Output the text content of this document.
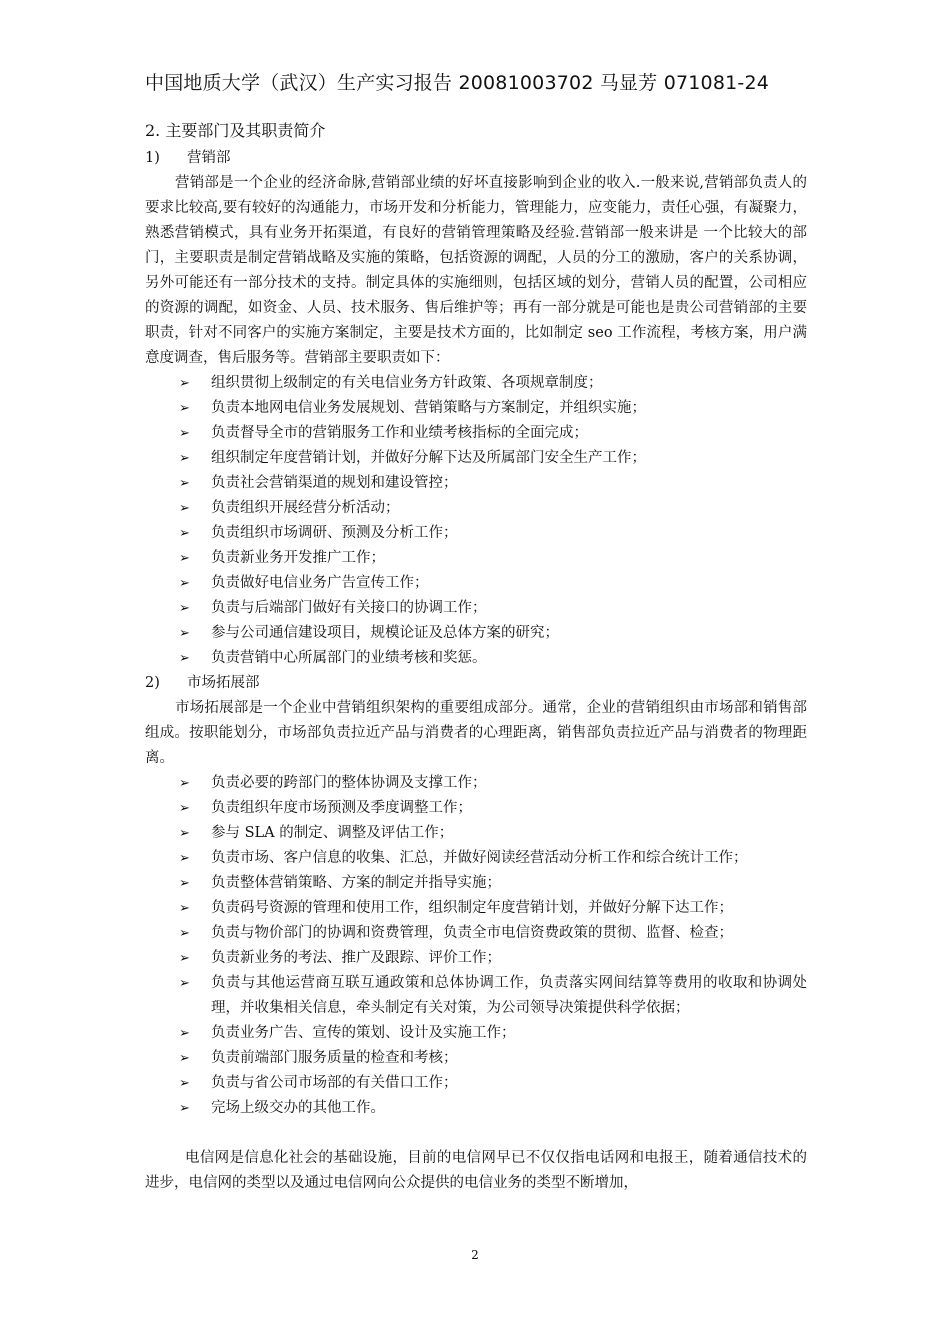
中国地质大学（武汉）生产实习报告 20081003702 马显芳 071081-24
2. 主要部门及其职责简介
1) 营销部

营销部是一个企业的经济命脉,营销部业绩的好坏直接影响到企业的收入.一般来说,营销部负责人的要求比较高,要有较好的沟通能力，市场开发和分析能力，管理能力，应变能力，责任心强，有凝聚力，熟悉营销模式，具有业务开拓渠道，有良好的营销管理策略及经验.营销部一般来讲是 一个比较大的部门，主要职责是制定营销战略及实施的策略，包括资源的调配，人员的分工的激励，客户的关系协调，另外可能还有一部分技术的支持。制定具体的实施细则，包括区域的划分，营销人员的配置，公司相应的资源的调配，如资金、人员、技术服务、售后维护等；再有一部分就是可能也是贵公司营销部的主要职责，针对不同客户的实施方案制定，主要是技术方面的，比如制定 seo 工作流程，考核方案，用户满意度调查，售后服务等。营销部主要职责如下：

➢ 组织贯彻上级制定的有关电信业务方针政策、各项规章制度；
➢ 负责本地网电信业务发展规划、营销策略与方案制定，并组织实施；
➢ 负责督导全市的营销服务工作和业绩考核指标的全面完成；
➢ 组织制定年度营销计划，并做好分解下达及所属部门安全生产工作；
➢ 负责社会营销渠道的规划和建设管控；
➢ 负责组织开展经营分析活动；
➢ 负责组织市场调研、预测及分析工作；
➢ 负责新业务开发推广工作；
➢ 负责做好电信业务广告宣传工作；
➢ 负责与后端部门做好有关接口的协调工作；
➢ 参与公司通信建设项目，规模论证及总体方案的研究；
➢ 负责营销中心所属部门的业绩考核和奖惩。
2) 市场拓展部

市场拓展部是一个企业中营销组织架构的重要组成部分。通常，企业的营销组织由市场部和销售部组成。按职能划分，市场部负责拉近产品与消费者的心理距离，销售部负责拉近产品与消费者的物理距离。

➢ 负责必要的跨部门的整体协调及支撑工作；
➢ 负责组织年度市场预测及季度调整工作；
➢ 参与 SLA 的制定、调整及评估工作；
➢ 负责市场、客户信息的收集、汇总，并做好阅读经营活动分析工作和综合统计工作；
➢ 负责整体营销策略、方案的制定并指导实施；
➢ 负责码号资源的管理和使用工作，组织制定年度营销计划，并做好分解下达工作；
➢ 负责与物价部门的协调和资费管理，负责全市电信资费政策的贯彻、监督、检查；
➢ 负责新业务的考法、推广及跟踪、评价工作；
➢ 负责与其他运营商互联互通政策和总体协调工作，负责落实网间结算等费用的收取和协调处理，并收集相关信息，牵头制定有关对策，为公司领导决策提供科学依据；
➢ 负责业务广告、宣传的策划、设计及实施工作；
➢ 负责前端部门服务质量的检查和考核；
➢ 负责与省公司市场部的有关借口工作；
➢ 完场上级交办的其他工作。

电信网是信息化社会的基础设施，目前的电信网早已不仅仅指电话网和电报王，随着通信技术的进步，电信网的类型以及通过电信网向公众提供的电信业务的类型不断增加，

2
